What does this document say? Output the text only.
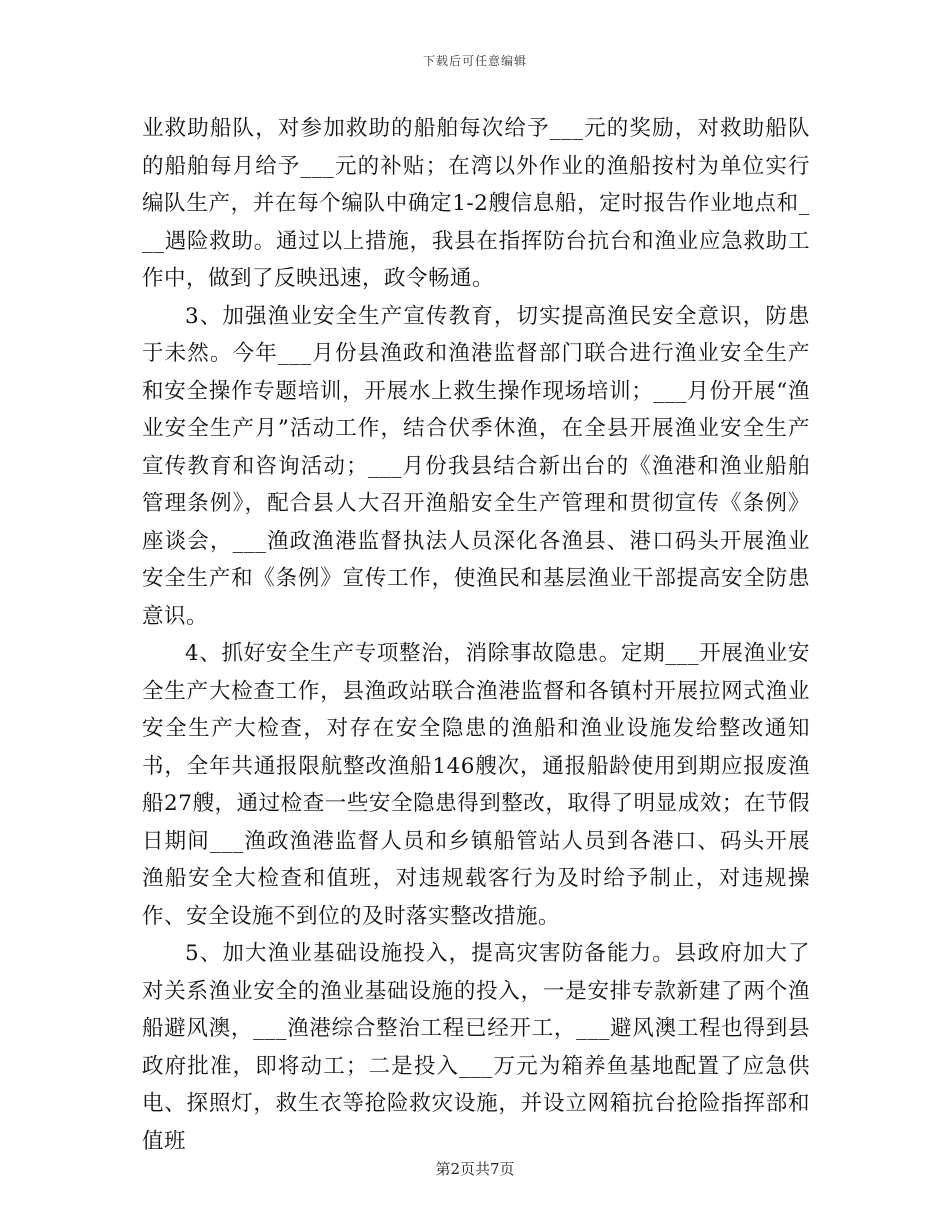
下载后可任意编辑

业救助船队，对参加救助的船舶每次给予___元的奖励，对救助船队的船舶每月给予___元的补贴；在湾以外作业的渔船按村为单位实行编队生产，并在每个编队中确定1-2艘信息船，定时报告作业地点和___遇险救助。通过以上措施，我县在指挥防台抗台和渔业应急救助工作中，做到了反映迅速，政令畅通。

3、加强渔业安全生产宣传教育，切实提高渔民安全意识，防患于未然。今年___月份县渔政和渔港监督部门联合进行渔业安全生产和安全操作专题培训，开展水上救生操作现场培训；___月份开展“渔业安全生产月”活动工作，结合伏季休渔，在全县开展渔业安全生产宣传教育和咨询活动；___月份我县结合新出台的《渔港和渔业船舶管理条例》，配合县人大召开渔船安全生产管理和贯彻宣传《条例》座谈会，___渔政渔港监督执法人员深化各渔县、港口码头开展渔业安全生产和《条例》宣传工作，使渔民和基层渔业干部提高安全防患意识。

4、抓好安全生产专项整治，消除事故隐患。定期___开展渔业安全生产大检查工作，县渔政站联合渔港监督和各镇村开展拉网式渔业安全生产大检查，对存在安全隐患的渔船和渔业设施发给整改通知书，全年共通报限航整改渔船146艘次，通报船龄使用到期应报废渔船27艘，通过检查一些安全隐患得到整改，取得了明显成效；在节假日期间___渔政渔港监督人员和乡镇船管站人员到各港口、码头开展渔船安全大检查和值班，对违规载客行为及时给予制止，对违规操作、安全设施不到位的及时落实整改措施。

5、加大渔业基础设施投入，提高灾害防备能力。县政府加大了对关系渔业安全的渔业基础设施的投入，一是安排专款新建了两个渔船避风澳，___渔港综合整治工程已经开工，___避风澳工程也得到县政府批准，即将动工；二是投入___万元为箱养鱼基地配置了应急供电、探照灯，救生衣等抢险救灾设施，并设立网箱抗台抢险指挥部和值班

第2页共7页
